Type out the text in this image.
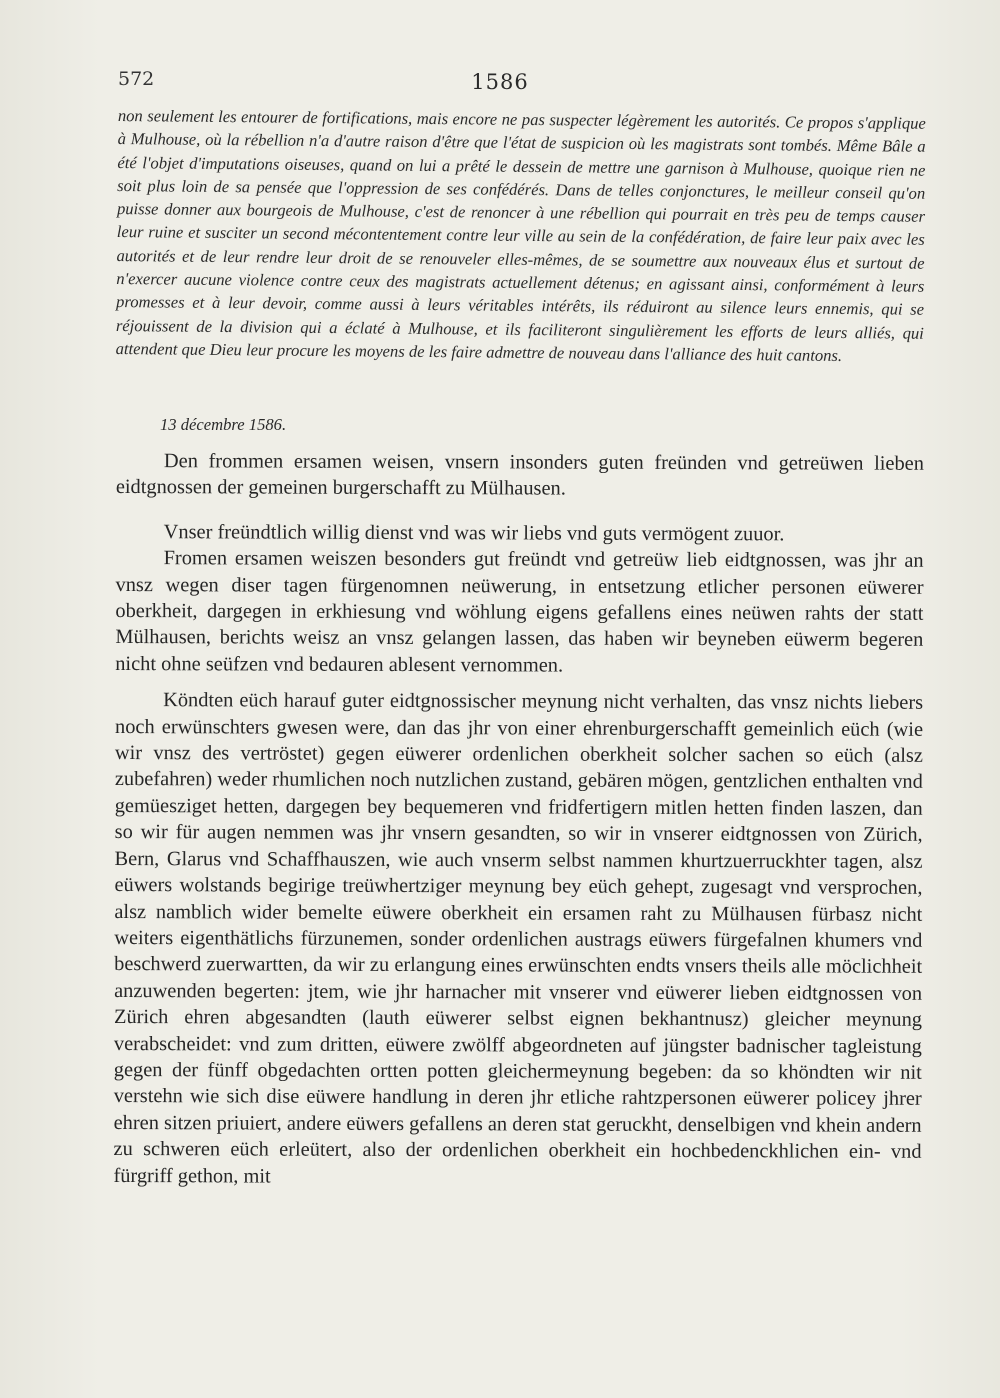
572	1586

non seulement les entourer de fortifications, mais encore ne pas suspecter légèrement les autorités. Ce propos s'applique à Mulhouse, où la rébellion n'a d'autre raison d'être que l'état de suspicion où les magistrats sont tombés. Même Bâle a été l'objet d'imputations oiseuses, quand on lui a prêté le dessein de mettre une garnison à Mulhouse, quoique rien ne soit plus loin de sa pensée que l'oppression de ses confédérés. Dans de telles conjonctures, le meilleur conseil qu'on puisse donner aux bourgeois de Mulhouse, c'est de renoncer à une rébellion qui pourrait en très peu de temps causer leur ruine et susciter un second mécontentement contre leur ville au sein de la confédération, de faire leur paix avec les autorités et de leur rendre leur droit de se renouveler elles-mêmes, de se soumettre aux nouveaux élus et surtout de n'exercer aucune violence contre ceux des magistrats actuellement détenus; en agissant ainsi, conformément à leurs promesses et à leur devoir, comme aussi à leurs véritables intérêts, ils réduiront au silence leurs ennemis, qui se réjouissent de la division qui a éclaté à Mulhouse, et ils faciliteront singulièrement les efforts de leurs alliés, qui attendent que Dieu leur procure les moyens de les faire admettre de nouveau dans l'alliance des huit cantons.

13 décembre 1586.

Den frommen ersamen weisen, vnsern insonders guten freünden vnd getreüwen lieben eidtgnossen der gemeinen burgerschafft zu Mülhausen.

Vnser freündtlich willig dienst vnd was wir liebs vnd guts vermögent zuuor.

Fromen ersamen weiszen besonders gut freündt vnd getreüw lieb eidtgnossen, was jhr an vnsz wegen diser tagen fürgenomnen neüwerung, in entsetzung etlicher personen eüwerer oberkheit, dargegen in erkhiesung vnd wöhlung eigens gefallens eines neüwen rahts der statt Mülhausen, berichts weisz an vnsz gelangen lassen, das haben wir beyneben eüwerm begeren nicht ohne seüfzen vnd bedauren ablesent vernommen.

Köndten eüch harauf guter eidtgnossischer meynung nicht verhalten, das vnsz nichts liebers noch erwünschters gwesen were, dan das jhr von einer ehrenburgerschafft gemeinlich eüch (wie wir vnsz des vertröstet) gegen eüwerer ordenlichen oberkheit solcher sachen so eüch (alsz zubefahren) weder rhumlichen noch nutzlichen zustand, gebären mögen, gentzlichen enthalten vnd gemüesziget hetten, dargegen bey bequemeren vnd fridfertigern mitlen hetten finden laszen, dan so wir für augen nemmen was jhr vnsern gesandten, so wir in vnserer eidtgnossen von Zürich, Bern, Glarus vnd Schaffhauszen, wie auch vnserm selbst nammen khurtzuerruckhter tagen, alsz eüwers wolstands begirige treüwhertziger meynung bey eüch gehept, zugesagt vnd versprochen, alsz namblich wider bemelte eüwere oberkheit ein ersamen raht zu Mülhausen fürbasz nicht weiters eigenthätlichs fürzunemen, sonder ordenlichen austrags eüwers fürgefalnen khumers vnd beschwerd zuerwartten, da wir zu erlangung eines erwünschten endts vnsers theils alle möclichheit anzuwenden begerten: jtem, wie jhr harnacher mit vnserer vnd eüwerer lieben eidtgnossen von Zürich ehren abgesandten (lauth eüwerer selbst eignen bekhantnusz) gleicher meynung verabscheidet: vnd zum dritten, eüwere zwölff abgeordneten auf jüngster badnischer tagleistung gegen der fünff obgedachten ortten potten gleichermeynung begeben: da so khöndten wir nit verstehn wie sich dise eüwere handlung in deren jhr etliche rahtzpersonen eüwerer policey jhrer ehren sitzen priuiert, andere eüwers gefallens an deren stat geruckht, denselbigen vnd khein andern zu schweren eüch erleütert, also der ordenlichen oberkheit ein hochbedenckhlichen ein- vnd fürgriff gethon, mit
